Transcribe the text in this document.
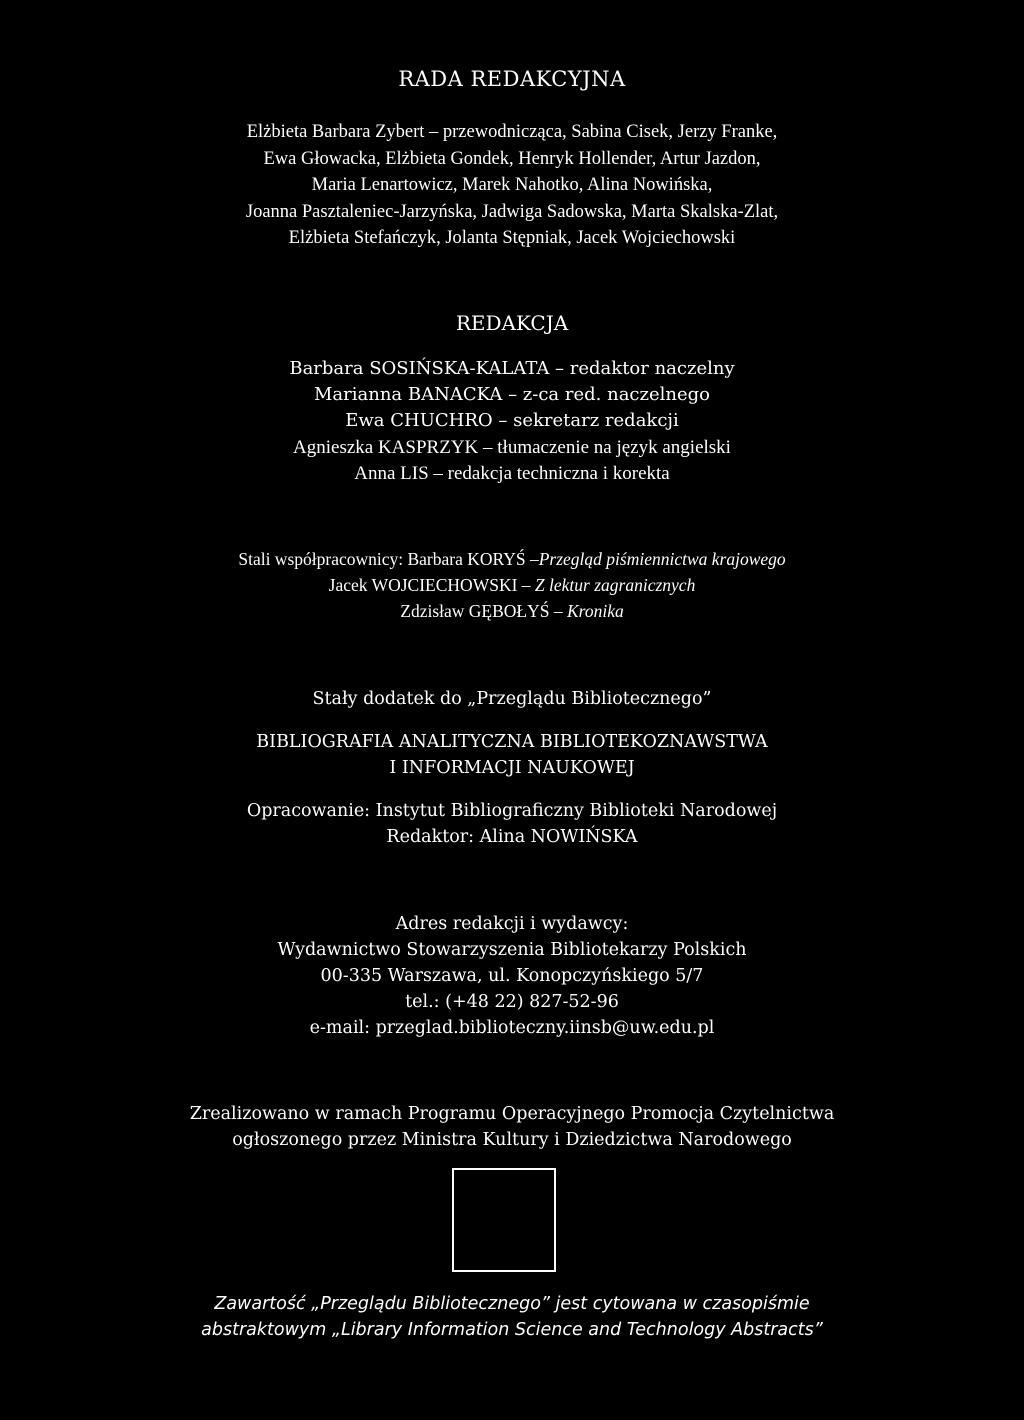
RADA REDAKCYJNA
Elżbieta Barbara Zybert – przewodnicząca, Sabina Cisek, Jerzy Franke,
Ewa Głowacka, Elżbieta Gondek, Henryk Hollender, Artur Jazdon,
Maria Lenartowicz, Marek Nahotko, Alina Nowińska,
Joanna Pasztaleniec-Jarzyńska, Jadwiga Sadowska, Marta Skalska-Zlat,
Elżbieta Stefańczyk, Jolanta Stępniak, Jacek Wojciechowski
REDAKCJA
Barbara SOSIŃSKA-KALATA – redaktor naczelny
Marianna BANACKA – z-ca red. naczelnego
Ewa CHUCHRO – sekretarz redakcji
Agnieszka KASPRZYK – tłumaczenie na język angielski
Anna LIS – redakcja techniczna i korekta
Stali współpracownicy: Barbara KORYŚ –Przegląd piśmiennictwa krajowego
Jacek WOJCIECHOWSKI – Z lektur zagranicznych
Zdzisław GĘBOŁYŚ – Kronika
Stały dodatek do „Przeglądu Bibliotecznego”
BIBLIOGRAFIA ANALITYCZNA BIBLIOTEKOZNAWSTWA
I INFORMACJI NAUKOWEJ
Opracowanie: Instytut Bibliograficzny Biblioteki Narodowej
Redaktor: Alina NOWIŃSKA
Adres redakcji i wydawcy:
Wydawnictwo Stowarzyszenia Bibliotekarzy Polskich
00-335 Warszawa, ul. Konopczyńskiego 5/7
tel.: (+48 22) 827-52-96
e-mail: przeglad.biblioteczny.iinsb@uw.edu.pl
Zrealizowano w ramach Programu Operacyjnego Promocja Czytelnictwa
ogłoszonego przez Ministra Kultury i Dziedzictwa Narodowego
Zawartość „Przeglądu Bibliotecznego” jest cytowana w czasopiśmie
abstraktowym „Library Information Science and Technology Abstracts”
